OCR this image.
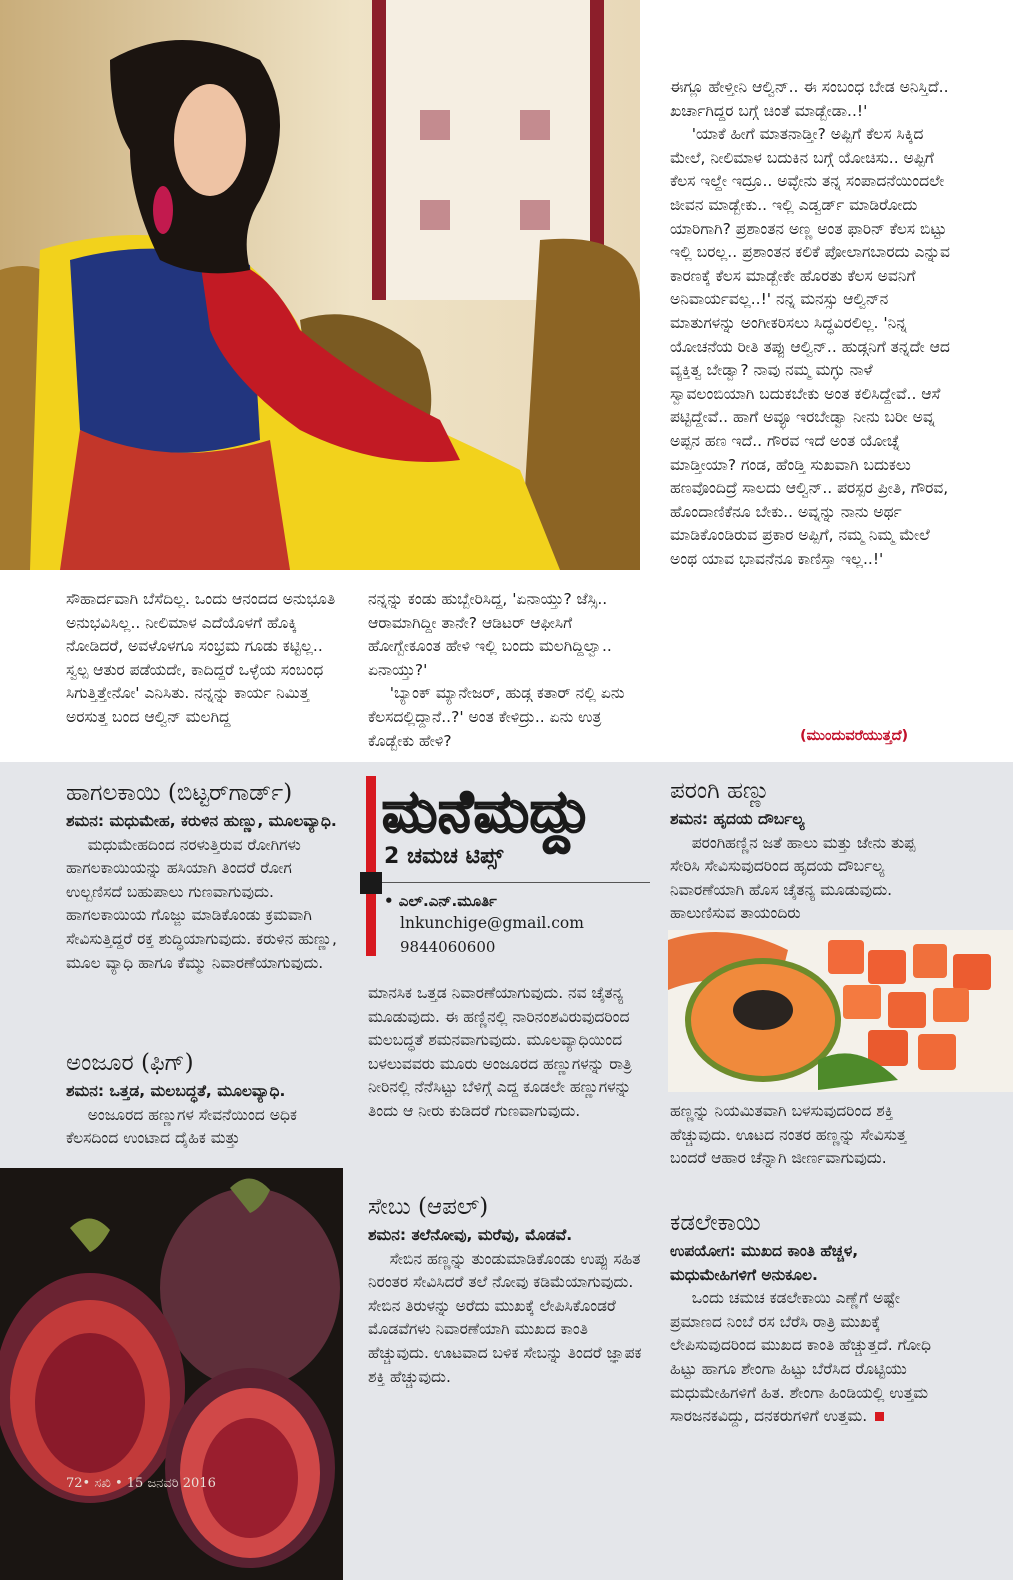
ಈಗ್ಲೂ ಹೇಳ್ತೀನಿ ಆಲ್ವಿನ್.. ಈ ಸಂಬಂಧ ಬೇಡ ಅನಿಸ್ತಿದೆ.. ಖರ್ಚಾಗಿದ್ದರ ಬಗ್ಗೆ ಚಿಂತೆ ಮಾಡ್ಬೇಡಾ..!'

'ಯಾಕೆ ಹೀಗೆ ಮಾತನಾಡ್ತೀ? ಅಪ್ಪಿಗೆ ಕೆಲಸ ಸಿಕ್ಕಿದ ಮೇಲೆ, ನೀಲಿಮಾಳ ಬದುಕಿನ ಬಗ್ಗೆ ಯೋಚಿಸು.. ಅಪ್ಪಿಗೆ ಕೆಲಸ ಇಲ್ದೇ ಇದ್ರೂ.. ಅವ್ಳೇನು ತನ್ನ ಸಂಪಾದನೆಯಿಂದಲೇ ಜೀವನ ಮಾಡ್ಬೇಕು.. ಇಲ್ಲಿ ಎಡ್ವರ್ಡ್ ಮಾಡಿರೋದು ಯಾರಿಗಾಗಿ? ಪ್ರಶಾಂತನ ಅಣ್ಣ ಅಂತ ಫಾರಿನ್ ಕೆಲಸ ಬಿಟ್ಟು ಇಲ್ಲಿ ಬರಲ್ಲ.. ಪ್ರಶಾಂತನ ಕಲಿಕೆ ಪೋಲಾಗಬಾರದು ಎನ್ನುವ ಕಾರಣಕ್ಕೆ ಕೆಲಸ ಮಾಡ್ಬೇಕೇ ಹೊರತು ಕೆಲಸ ಅವನಿಗೆ ಅನಿವಾರ್ಯವಲ್ಲ..!' ನನ್ನ ಮನಸ್ಸು ಆಲ್ವಿನ್‌ನ ಮಾತುಗಳನ್ನು ಅಂಗೀಕರಿಸಲು ಸಿದ್ಧವಿರಲಿಲ್ಲ. 'ನಿನ್ನ ಯೋಚನೆಯ ರೀತಿ ತಪ್ಪು ಆಲ್ವಿನ್.. ಹುಡ್ಗನಿಗೆ ತನ್ನದೇ ಆದ ವ್ಯಕ್ತಿತ್ವ ಬೇಡ್ವಾ? ನಾವು ನಮ್ಮ ಮಗ್ಳು ನಾಳೆ ಸ್ವಾವಲಂಬಿಯಾಗಿ ಬದುಕಬೇಕು ಅಂತ ಕಲಿಸಿದ್ದೇವೆ.. ಆಸೆ ಪಟ್ಟಿದ್ದೇವೆ.. ಹಾಗೆ ಅವ್ಳೂ ಇರಬೇಡ್ವಾ ನೀನು ಬರೀ ಅವ್ನ ಅಪ್ಪನ ಹಣ ಇದೆ.. ಗೌರವ ಇದೆ ಅಂತ ಯೋಚ್ನೆ ಮಾಡ್ತೀಯಾ? ಗಂಡ, ಹೆಂಡ್ತಿ ಸುಖವಾಗಿ ಬದುಕಲು ಹಣವೊಂದಿದ್ರೆ ಸಾಲದು ಆಲ್ವಿನ್.. ಪರಸ್ಪರ ಪ್ರೀತಿ, ಗೌರವ, ಹೊಂದಾಣಿಕೆನೂ ಬೇಕು.. ಅವ್ನನ್ನು ನಾನು ಅರ್ಥ ಮಾಡಿಕೊಂಡಿರುವ ಪ್ರಕಾರ ಅಪ್ಪಿಗೆ, ನಮ್ಮ ನಿಮ್ಮ ಮೇಲೆ ಅಂಥ ಯಾವ ಭಾವನೆನೂ ಕಾಣಿಸ್ತಾ ಇಲ್ಲ..!'

ಸೌಹಾರ್ದವಾಗಿ ಬೆಸೆದಿಲ್ಲ. ಒಂದು ಆನಂದದ ಅನುಭೂತಿ ಅನುಭವಿಸಿಲ್ಲ.. ನೀಲಿಮಾಳ ಎದೆಯೊಳಗೆ ಹೊಕ್ಕಿ ನೋಡಿದರೆ, ಅವಳೊಳಗೂ ಸಂಭ್ರಮ ಗೂಡು ಕಟ್ಟಿಲ್ಲ.. ಸ್ವಲ್ಪ ಆತುರ ಪಡೆಯದೇ, ಕಾದಿದ್ದರೆ ಒಳ್ಳೆಯ ಸಂಬಂಧ ಸಿಗುತ್ತಿತ್ತೇನೋ' ಎನಿಸಿತು. ನನ್ನನ್ನು ಕಾರ್ಯ ನಿಮಿತ್ತ ಅರಸುತ್ತ ಬಂದ ಆಲ್ವಿನ್ ಮಲಗಿದ್ದ

ನನ್ನನ್ನು ಕಂಡು ಹುಬ್ಬೇರಿಸಿದ್ದ, 'ಏನಾಯ್ತು? ಜೆಸ್ಸಿ.. ಆರಾಮಾಗಿದ್ದೀ ತಾನೇ? ಆಡಿಟರ್ ಆಫೀಸಿಗೆ ಹೋಗ್ಬೇಕೂಂತ ಹೇಳಿ ಇಲ್ಲಿ ಬಂದು ಮಲಗಿದ್ದಿಲ್ವಾ.. ಏನಾಯ್ತು?'

'ಬ್ಯಾಂಕ್ ಮ್ಯಾನೇಜರ್, ಹುಡ್ಗ ಕತಾರ್ ನಲ್ಲಿ ಏನು ಕೆಲಸದಲ್ಲಿದ್ದಾನೆ..?' ಅಂತ ಕೇಳಿದ್ರು.. ಏನು ಉತ್ರ ಕೊಡ್ಬೇಕು ಹೇಳಿ?	(ಮುಂದುವರೆಯುತ್ತದೆ)
ಮನೆಮದ್ದು
2 ಚಮಚ ಟಿಪ್ಸ್
• ಎಲ್.ಎನ್.ಮೂರ್ತಿ
lnkunchige@gmail.com
9844060600
ಹಾಗಲಕಾಯಿ (ಬಿಟ್ಟರ್‌ಗಾರ್ಡ್)

ಶಮನ: ಮಧುಮೇಹ, ಕರುಳಿನ ಹುಣ್ಣು, ಮೂಲವ್ಯಾಧಿ.

ಮಧುಮೇಹದಿಂದ ನರಳುತ್ತಿರುವ ರೋಗಿಗಳು ಹಾಗಲಕಾಯಿಯನ್ನು ಹಸಿಯಾಗಿ ತಿಂದರೆ ರೋಗ ಉಲ್ಬಣಿಸದೆ ಬಹುಪಾಲು ಗುಣವಾಗುವುದು. ಹಾಗಲಕಾಯಿಯ ಗೊಜ್ಜು ಮಾಡಿಕೊಂಡು ಕ್ರಮವಾಗಿ ಸೇವಿಸುತ್ತಿದ್ದರೆ ರಕ್ತ ಶುದ್ಧಿಯಾಗುವುದು. ಕರುಳಿನ ಹುಣ್ಣು, ಮೂಲ ವ್ಯಾಧಿ ಹಾಗೂ ಕೆಮ್ಮು ನಿವಾರಣೆಯಾಗುವುದು.

ಅಂಜೂರ (ಫಿಗ್)

ಶಮನ: ಒತ್ತಡ, ಮಲಬದ್ಧತೆ, ಮೂಲವ್ಯಾಧಿ.

ಅಂಜೂರದ ಹಣ್ಣುಗಳ ಸೇವನೆಯಿಂದ ಅಧಿಕ ಕೆಲಸದಿಂದ ಉಂಟಾದ ದೈಹಿಕ ಮತ್ತು

ಮಾನಸಿಕ ಒತ್ತಡ ನಿವಾರಣೆಯಾಗುವುದು. ನವ ಚೈತನ್ಯ ಮೂಡುವುದು. ಈ ಹಣ್ಣಿನಲ್ಲಿ ನಾರಿನಂಶವಿರುವುದರಿಂದ ಮಲಬದ್ಧತೆ ಶಮನವಾಗುವುದು. ಮೂಲವ್ಯಾಧಿಯಿಂದ ಬಳಲುವವರು ಮೂರು ಅಂಜೂರದ ಹಣ್ಣುಗಳನ್ನು ರಾತ್ರಿ ನೀರಿನಲ್ಲಿ ನೆನೆಸಿಟ್ಟು ಬೆಳಿಗ್ಗೆ ಎದ್ದ ಕೂಡಲೇ ಹಣ್ಣುಗಳನ್ನು ತಿಂದು ಆ ನೀರು ಕುಡಿದರೆ ಗುಣವಾಗುವುದು.

ಸೇಬು (ಆಪಲ್)

ಶಮನ: ತಲೆನೋವು, ಮರೆವು, ಮೊಡವೆ.

ಸೇಬಿನ ಹಣ್ಣನ್ನು ತುಂಡುಮಾಡಿಕೊಂಡು ಉಪ್ಪು ಸಹಿತ ನಿರಂತರ ಸೇವಿಸಿದರೆ ತಲೆ ನೋವು ಕಡಿಮೆಯಾಗುವುದು. ಸೇಬಿನ ತಿರುಳನ್ನು ಅರೆದು ಮುಖಕ್ಕೆ ಲೇಪಿಸಿಕೊಂಡರೆ ಮೊಡವೆಗಳು ನಿವಾರಣೆಯಾಗಿ ಮುಖದ ಕಾಂತಿ ಹೆಚ್ಚುವುದು. ಊಟವಾದ ಬಳಿಕ ಸೇಬನ್ನು ತಿಂದರೆ ಜ್ಞಾಪಕ ಶಕ್ತಿ ಹೆಚ್ಚುವುದು.

ಪರಂಗಿ ಹಣ್ಣು

ಶಮನ: ಹೃದಯ ದೌರ್ಬಲ್ಯ

ಪರಂಗಿಹಣ್ಣಿನ ಜತೆ ಹಾಲು ಮತ್ತು ಜೇನು ತುಪ್ಪ ಸೇರಿಸಿ ಸೇವಿಸುವುದರಿಂದ ಹೃದಯ ದೌರ್ಬಲ್ಯ ನಿವಾರಣೆಯಾಗಿ ಹೊಸ ಚೈತನ್ಯ ಮೂಡುವುದು. ಹಾಲುಣಿಸುವ ತಾಯಂದಿರು

ಹಣ್ಣನ್ನು ನಿಯಮಿತವಾಗಿ ಬಳಸುವುದರಿಂದ ಶಕ್ತಿ ಹೆಚ್ಚುವುದು. ಊಟದ ನಂತರ ಹಣ್ಣನ್ನು ಸೇವಿಸುತ್ತ ಬಂದರೆ ಆಹಾರ ಚೆನ್ನಾಗಿ ಜೀರ್ಣವಾಗುವುದು.

ಕಡಲೇಕಾಯಿ

ಉಪಯೋಗ: ಮುಖದ ಕಾಂತಿ ಹೆಚ್ಚಳ, ಮಧುಮೇಹಿಗಳಿಗೆ ಅನುಕೂಲ.

ಒಂದು ಚಮಚ ಕಡಲೇಕಾಯಿ ಎಣ್ಣೆಗೆ ಅಷ್ಟೇ ಪ್ರಮಾಣದ ನಿಂಬೆ ರಸ ಬೆರೆಸಿ ರಾತ್ರಿ ಮುಖಕ್ಕೆ ಲೇಪಿಸುವುದರಿಂದ ಮುಖದ ಕಾಂತಿ ಹೆಚ್ಚುತ್ತದೆ. ಗೋಧಿ ಹಿಟ್ಟು ಹಾಗೂ ಶೇಂಗಾ ಹಿಟ್ಟು ಬೆರೆಸಿದ ರೊಟ್ಟಿಯು ಮಧುಮೇಹಿಗಳಿಗೆ ಹಿತ. ಶೇಂಗಾ ಹಿಂಡಿಯಲ್ಲಿ ಉತ್ತಮ ಸಾರಜನಕವಿದ್ದು, ದನಕರುಗಳಿಗೆ ಉತ್ತಮ.

72• ಸಖಿ • 15 ಜನವರಿ 2016
